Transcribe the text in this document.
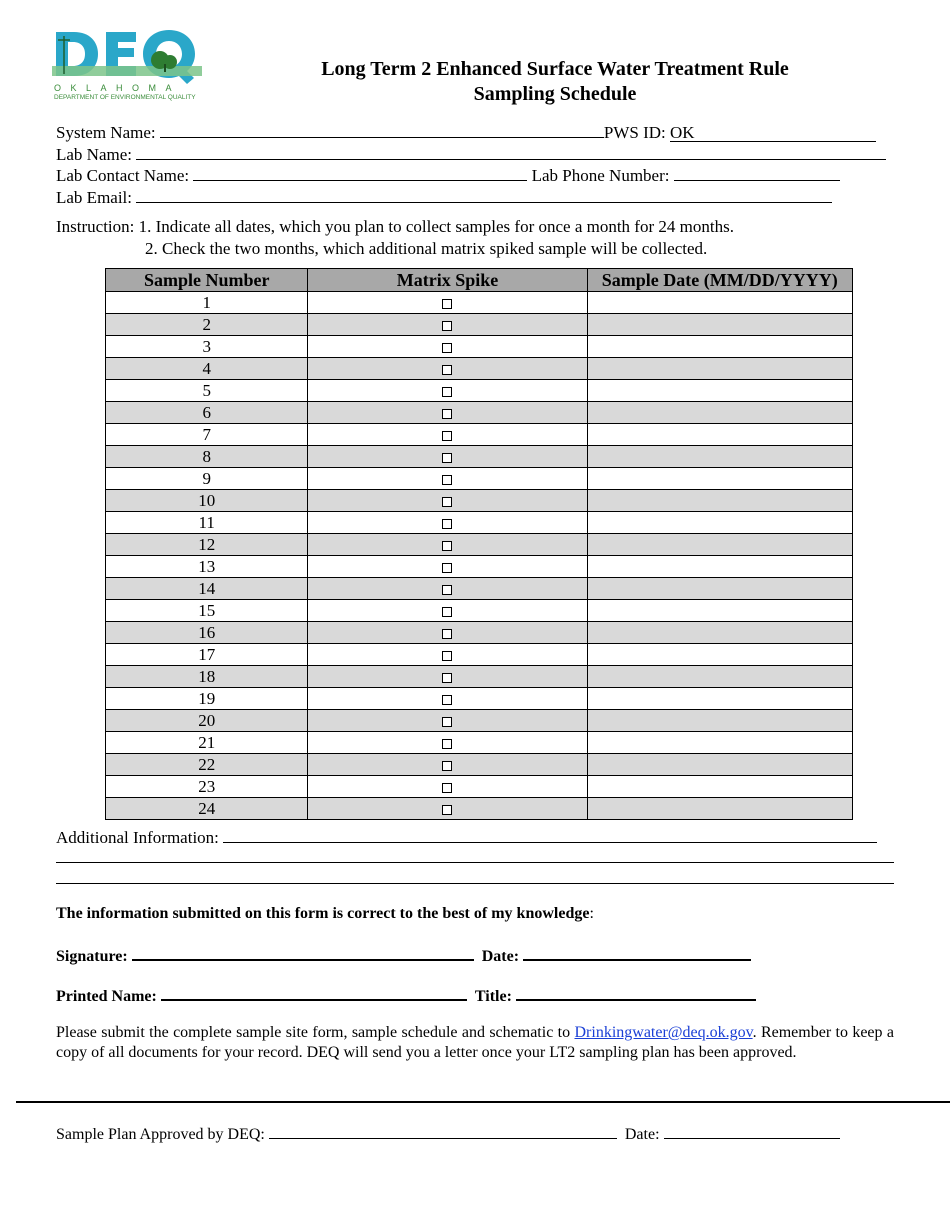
OKLAHOMA
DEPARTMENT OF ENVIRONMENTAL QUALITY
Long Term 2 Enhanced Surface Water Treatment Rule
Sampling Schedule
System Name:	PWS ID: OK
Lab Name:
Lab Contact Name:	Lab Phone Number:
Lab Email:
Instruction: 1. Indicate all dates, which you plan to collect samples for once a month for 24 months.
2. Check the two months, which additional matrix spiked sample will be collected.
Sample Number	Matrix Spike	Sample Date (MM/DD/YYYY)
1		
2		
3		
4		
5		
6		
7		
8		
9		
10		
11		
12		
13		
14		
15		
16		
17		
18		
19		
20		
21		
22		
23		
24		
Additional Information:
The information submitted on this form is correct to the best of my knowledge:
Signature:	Date:
Printed Name:	Title:
Please submit the complete sample site form, sample schedule and schematic to Drinkingwater@deq.ok.gov. Remember to keep a copy of all documents for your record. DEQ will send you a letter once your LT2 sampling plan has been approved.
Sample Plan Approved by DEQ:	Date:
